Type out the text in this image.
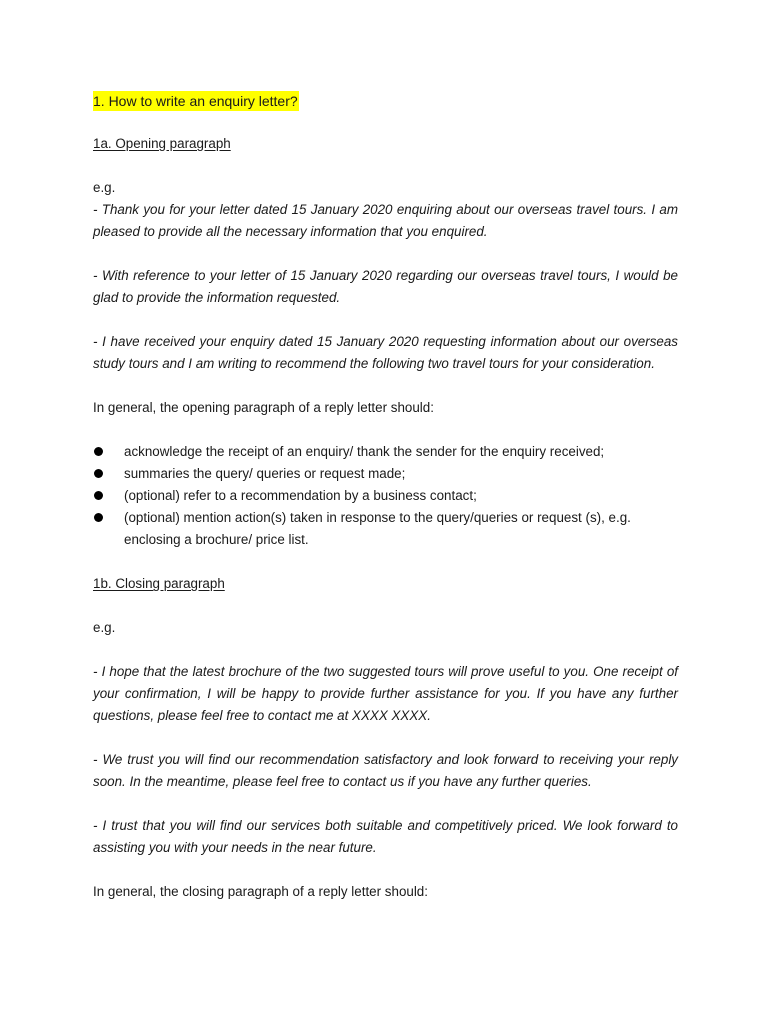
1. How to write an enquiry letter?
1a. Opening paragraph
e.g.
- Thank you for your letter dated 15 January 2020 enquiring about our overseas travel tours. I am pleased to provide all the necessary information that you enquired.
- With reference to your letter of 15 January 2020 regarding our overseas travel tours, I would be glad to provide the information requested.
- I have received your enquiry dated 15 January 2020 requesting information about our overseas study tours and I am writing to recommend the following two travel tours for your consideration.
In general, the opening paragraph of a reply letter should:
acknowledge the receipt of an enquiry/ thank the sender for the enquiry received;
summaries the query/ queries or request made;
(optional) refer to a recommendation by a business contact;
(optional) mention action(s) taken in response to the query/queries or request (s), e.g. enclosing a brochure/ price list.
1b. Closing paragraph
e.g.
- I hope that the latest brochure of the two suggested tours will prove useful to you. One receipt of your confirmation, I will be happy to provide further assistance for you. If you have any further questions, please feel free to contact me at XXXX XXXX.
- We trust you will find our recommendation satisfactory and look forward to receiving your reply soon. In the meantime, please feel free to contact us if you have any further queries.
- I trust that you will find our services both suitable and competitively priced. We look forward to assisting you with your needs in the near future.
In general, the closing paragraph of a reply letter should:
